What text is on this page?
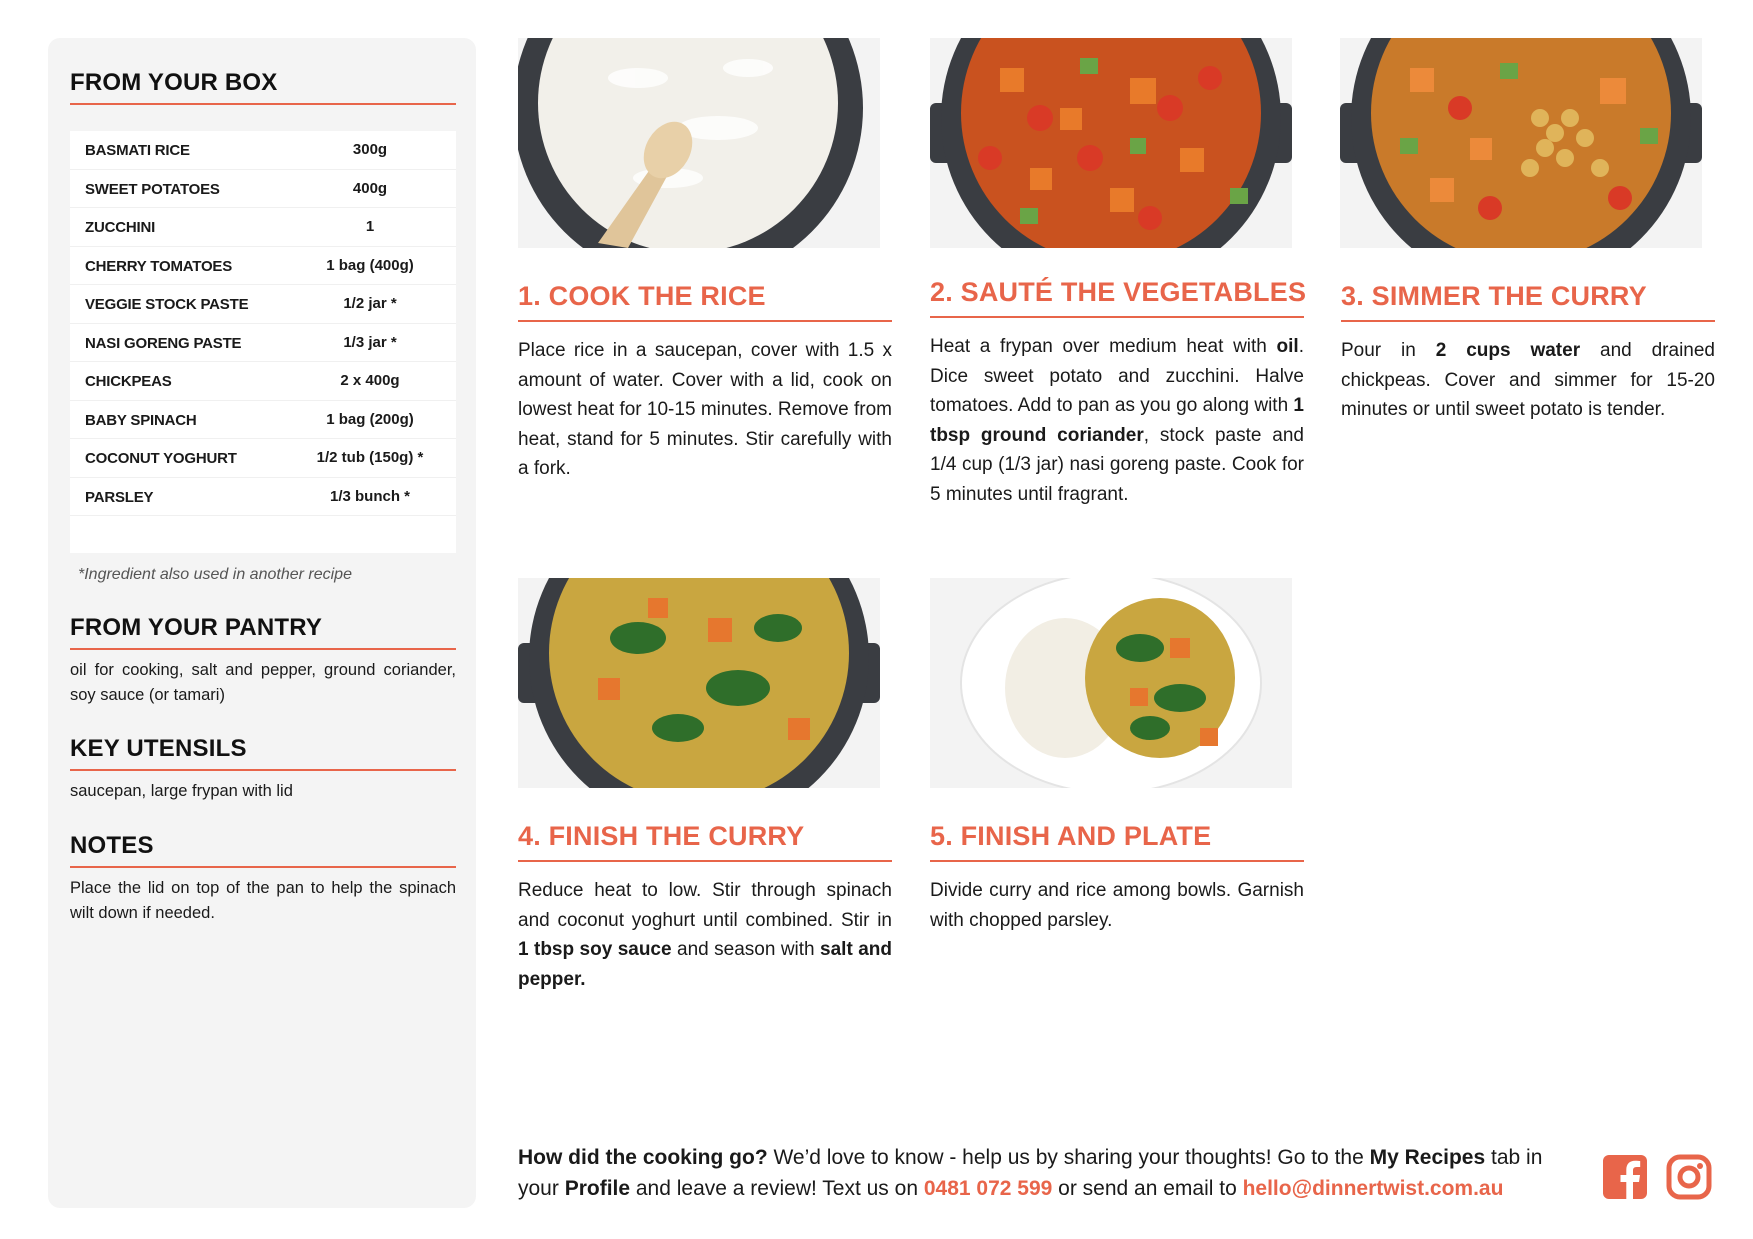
FROM YOUR BOX
BASMATI RICE	300g
SWEET POTATOES	400g
ZUCCHINI	1
CHERRY TOMATOES	1 bag (400g)
VEGGIE STOCK PASTE	1/2 jar *
NASI GORENG PASTE	1/3 jar *
CHICKPEAS	2 x 400g
BABY SPINACH	1 bag (200g)
COCONUT YOGHURT	1/2 tub (150g) *
PARSLEY	1/3 bunch *
*Ingredient also used in another recipe
FROM YOUR PANTRY
oil for cooking, salt and pepper, ground coriander, soy sauce (or tamari)
KEY UTENSILS
saucepan, large frypan with lid
NOTES
Place the lid on top of the pan to help the spinach wilt down if needed.
1. COOK THE RICE
Place rice in a saucepan, cover with 1.5 x amount of water. Cover with a lid, cook on lowest heat for 10-15 minutes. Remove from heat, stand for 5 minutes. Stir carefully with a fork.
2. SAUTÉ THE VEGETABLES
Heat a frypan over medium heat with oil. Dice sweet potato and zucchini. Halve tomatoes. Add to pan as you go along with 1 tbsp ground coriander, stock paste and 1/4 cup (1/3 jar) nasi goreng paste. Cook for 5 minutes until fragrant.
3. SIMMER THE CURRY
Pour in 2 cups water and drained chickpeas. Cover and simmer for 15-20 minutes or until sweet potato is tender.
4. FINISH THE CURRY
Reduce heat to low. Stir through spinach and coconut yoghurt until combined. Stir in 1 tbsp soy sauce and season with salt and pepper.
5. FINISH AND PLATE
Divide curry and rice among bowls. Garnish with chopped parsley.
How did the cooking go? We’d love to know - help us by sharing your thoughts! Go to the My Recipes tab in your Profile and leave a review! Text us on 0481 072 599 or send an email to hello@dinnertwist.com.au
